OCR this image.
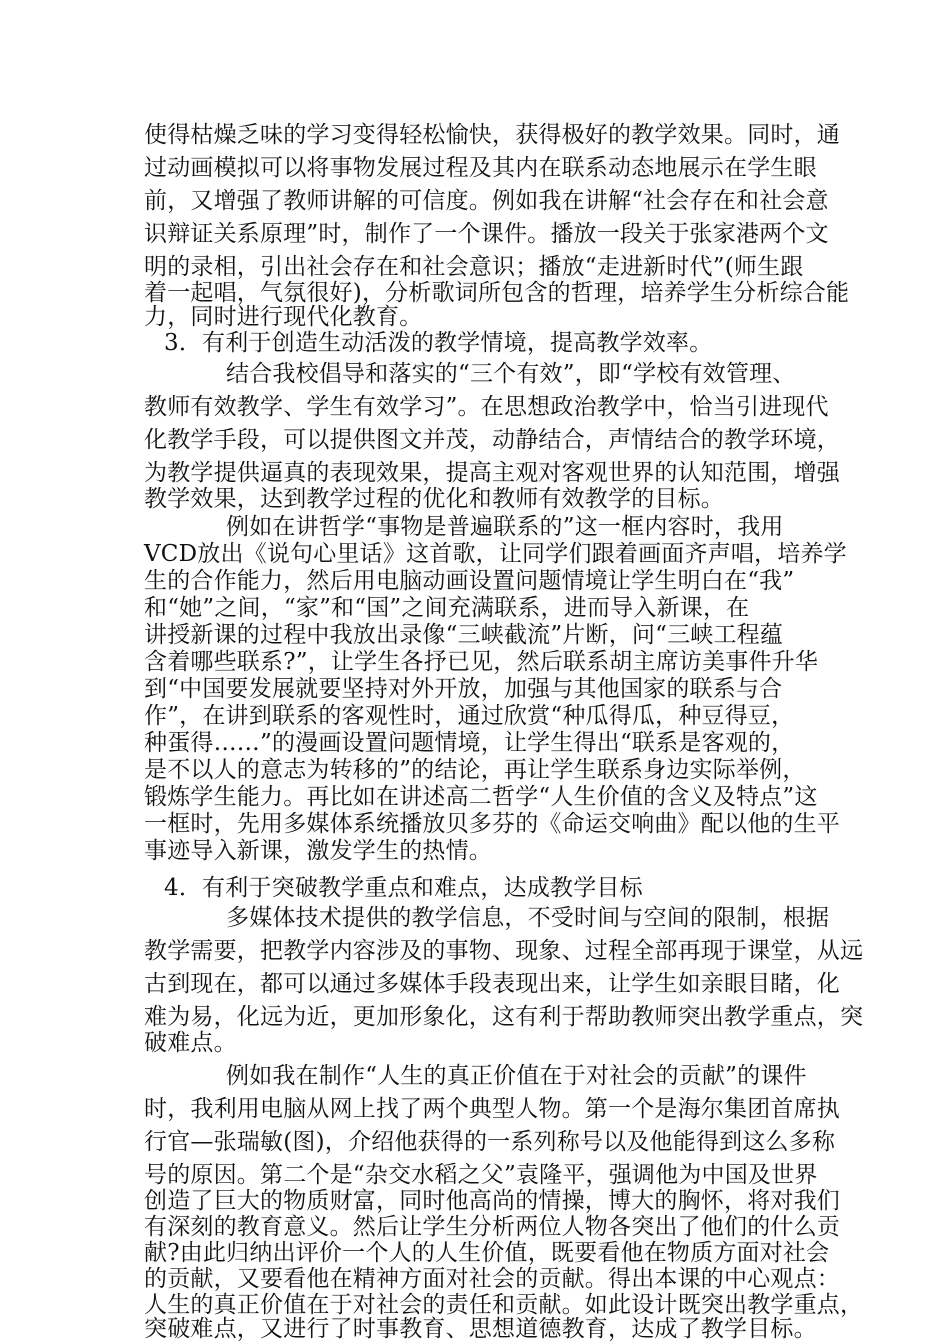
使得枯燥乏味的学习变得轻松愉快，获得极好的教学效果。同时，通
过动画模拟可以将事物发展过程及其内在联系动态地展示在学生眼
前，又增强了教师讲解的可信度。例如我在讲解“社会存在和社会意
识辩证关系原理”时，制作了一个课件。播放一段关于张家港两个文
明的录相，引出社会存在和社会意识；播放“走进新时代”(师生跟
着一起唱，气氛很好)，分析歌词所包含的哲理，培养学生分析综合能
力，同时进行现代化教育。
3．有利于创造生动活泼的教学情境，提高教学效率。
结合我校倡导和落实的“三个有效”，即“学校有效管理、
教师有效教学、学生有效学习”。在思想政治教学中，恰当引进现代
化教学手段，可以提供图文并茂，动静结合，声情结合的教学环境，
为教学提供逼真的表现效果，提高主观对客观世界的认知范围，增强
教学效果，达到教学过程的优化和教师有效教学的目标。
例如在讲哲学“事物是普遍联系的”这一框内容时，我用
VCD放出《说句心里话》这首歌，让同学们跟着画面齐声唱，培养学
生的合作能力，然后用电脑动画设置问题情境让学生明白在“我”
和“她”之间，“家”和“国”之间充满联系，进而导入新课，在
讲授新课的过程中我放出录像“三峡截流”片断，问“三峡工程蕴
含着哪些联系?”，让学生各抒已见，然后联系胡主席访美事件升华
到“中国要发展就要坚持对外开放，加强与其他国家的联系与合
作”，在讲到联系的客观性时，通过欣赏“种瓜得瓜，种豆得豆，
种蛋得……”的漫画设置问题情境，让学生得出“联系是客观的，
是不以人的意志为转移的”的结论，再让学生联系身边实际举例，
锻炼学生能力。再比如在讲述高二哲学“人生价值的含义及特点”这
一框时，先用多媒体系统播放贝多芬的《命运交响曲》配以他的生平
事迹导入新课，激发学生的热情。
4．有利于突破教学重点和难点，达成教学目标
多媒体技术提供的教学信息，不受时间与空间的限制，根据
教学需要，把教学内容涉及的事物、现象、过程全部再现于课堂，从远
古到现在，都可以通过多媒体手段表现出来，让学生如亲眼目睹，化
难为易，化远为近，更加形象化，这有利于帮助教师突出教学重点，突
破难点。
例如我在制作“人生的真正价值在于对社会的贡献”的课件
时，我利用电脑从网上找了两个典型人物。第一个是海尔集团首席执
行官—张瑞敏(图)，介绍他获得的一系列称号以及他能得到这么多称
号的原因。第二个是“杂交水稻之父”袁隆平，强调他为中国及世界
创造了巨大的物质财富，同时他高尚的情操，博大的胸怀，将对我们
有深刻的教育意义。然后让学生分析两位人物各突出了他们的什么贡
献?由此归纳出评价一个人的人生价值，既要看他在物质方面对社会
的贡献，又要看他在精神方面对社会的贡献。得出本课的中心观点：
人生的真正价值在于对社会的责任和贡献。如此设计既突出教学重点，
突破难点，又进行了时事教育、思想道德教育，达成了教学目标。
